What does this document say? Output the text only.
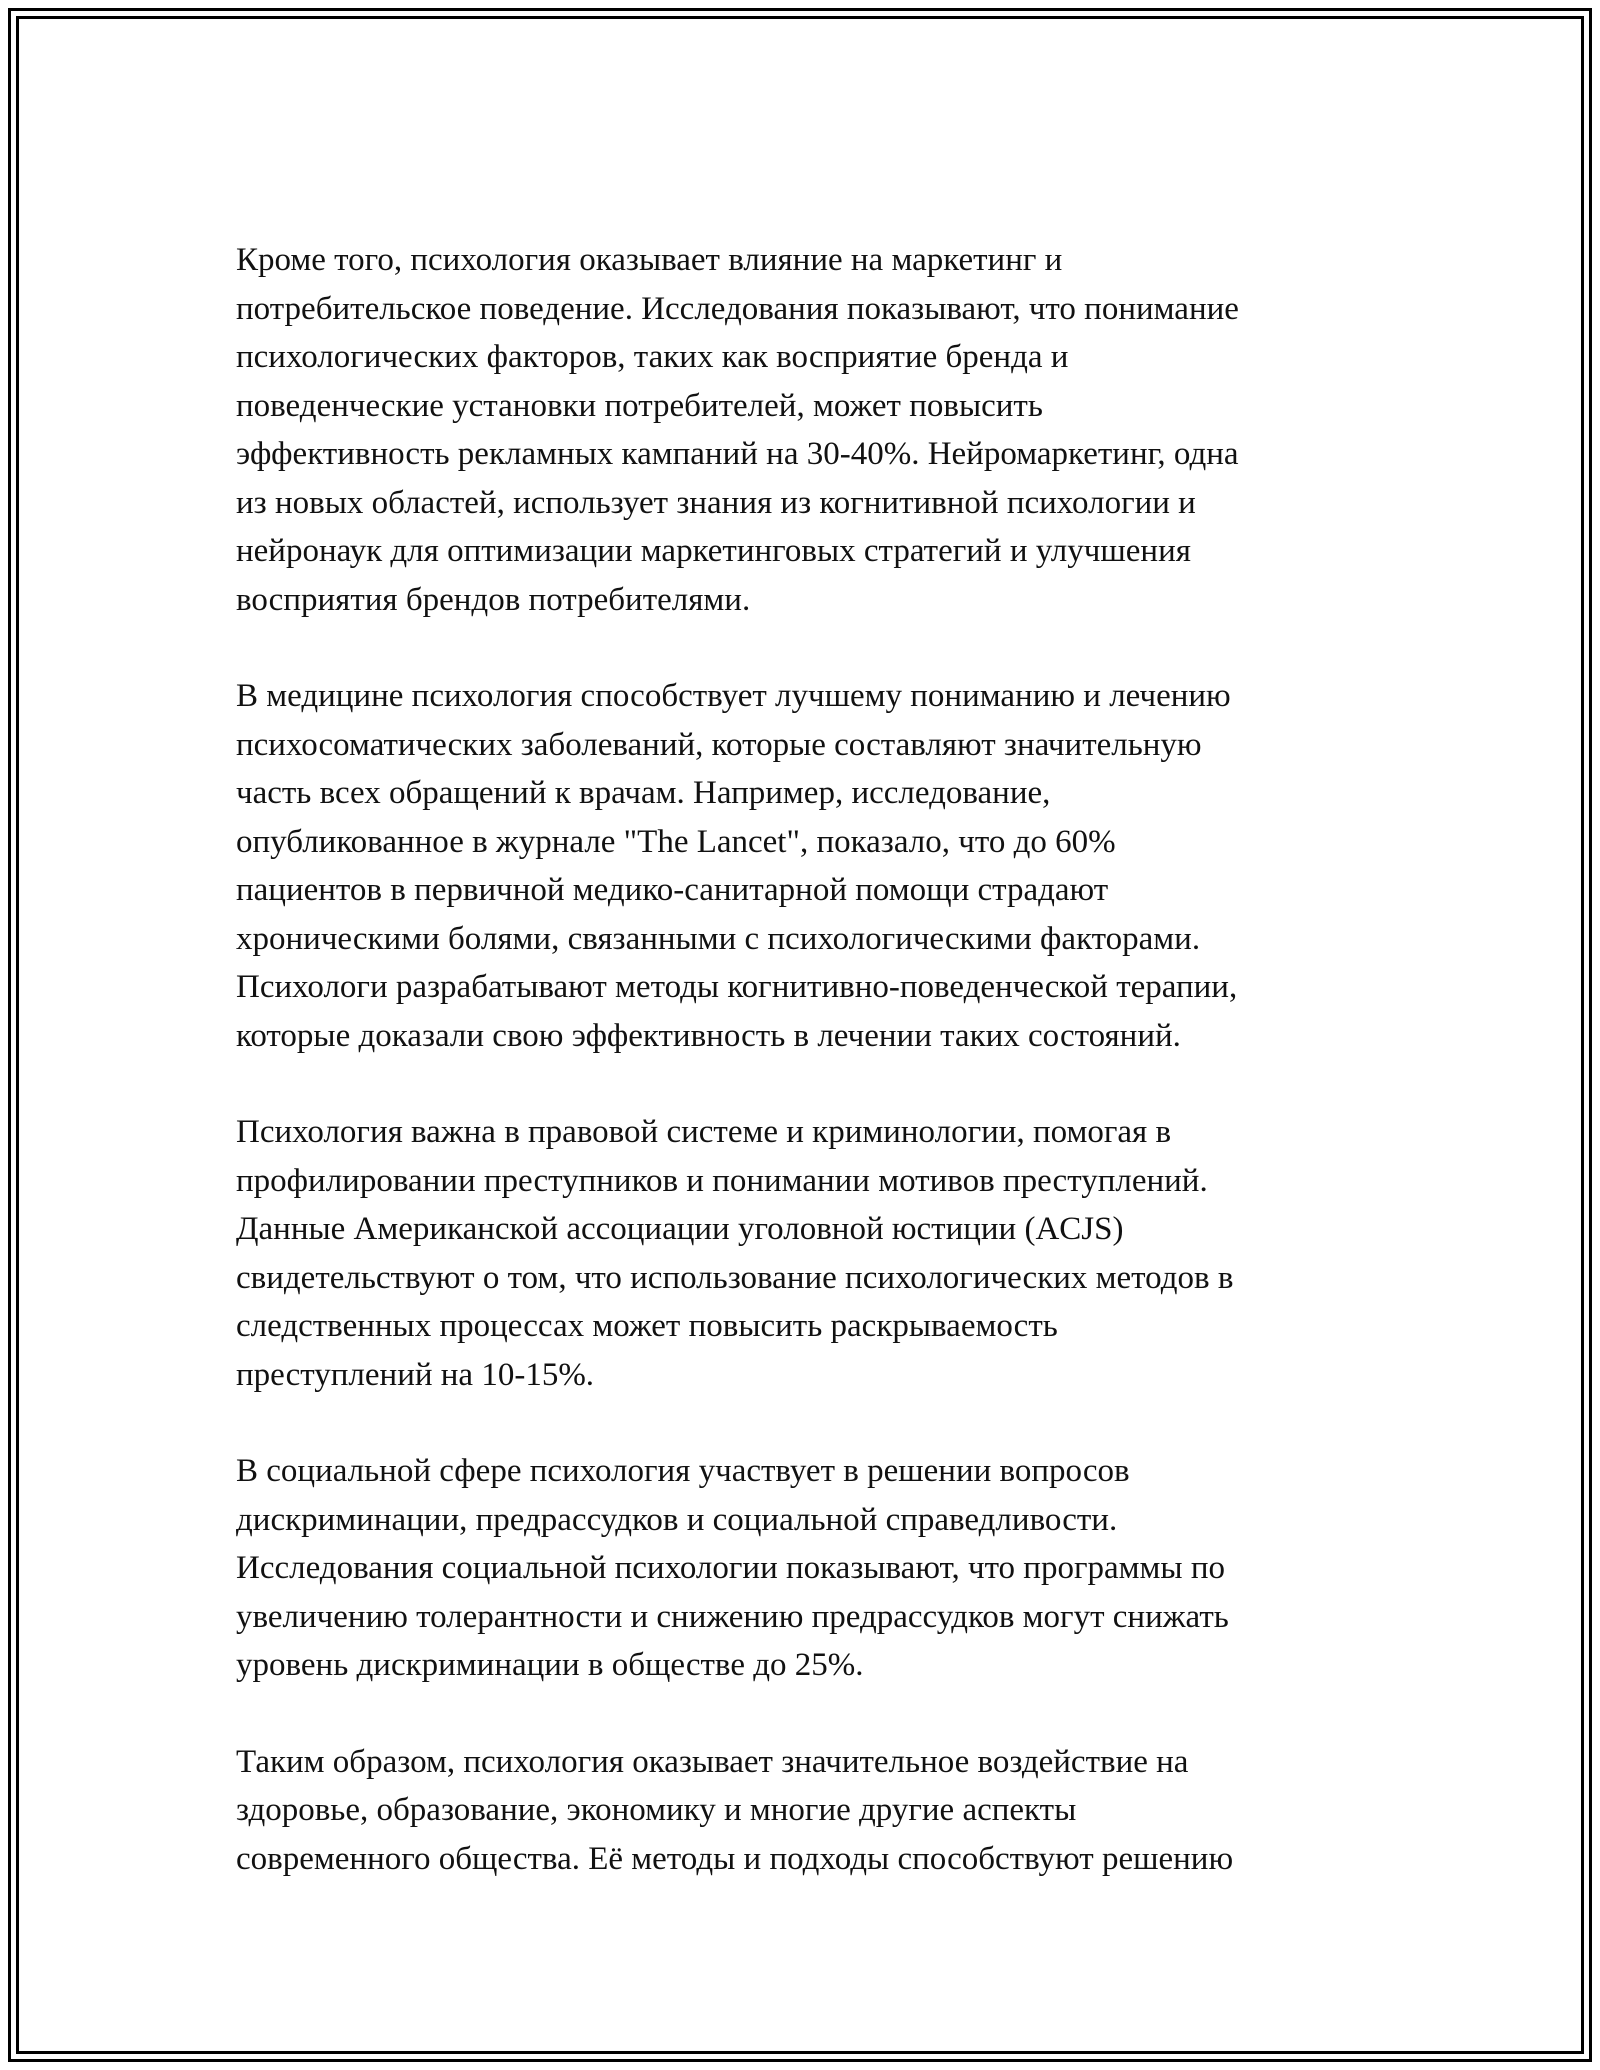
Кроме того, психология оказывает влияние на маркетинг и
потребительское поведение. Исследования показывают, что понимание
психологических факторов, таких как восприятие бренда и
поведенческие установки потребителей, может повысить
эффективность рекламных кампаний на 30-40%. Нейромаркетинг, одна
из новых областей, использует знания из когнитивной психологии и
нейронаук для оптимизации маркетинговых стратегий и улучшения
восприятия брендов потребителями.

В медицине психология способствует лучшему пониманию и лечению
психосоматических заболеваний, которые составляют значительную
часть всех обращений к врачам. Например, исследование,
опубликованное в журнале "The Lancet", показало, что до 60%
пациентов в первичной медико-санитарной помощи страдают
хроническими болями, связанными с психологическими факторами.
Психологи разрабатывают методы когнитивно-поведенческой терапии,
которые доказали свою эффективность в лечении таких состояний.

Психология важна в правовой системе и криминологии, помогая в
профилировании преступников и понимании мотивов преступлений.
Данные Американской ассоциации уголовной юстиции (ACJS)
свидетельствуют о том, что использование психологических методов в
следственных процессах может повысить раскрываемость
преступлений на 10-15%.

В социальной сфере психология участвует в решении вопросов
дискриминации, предрассудков и социальной справедливости.
Исследования социальной психологии показывают, что программы по
увеличению толерантности и снижению предрассудков могут снижать
уровень дискриминации в обществе до 25%.

Таким образом, психология оказывает значительное воздействие на
здоровье, образование, экономику и многие другие аспекты
современного общества. Её методы и подходы способствуют решению
